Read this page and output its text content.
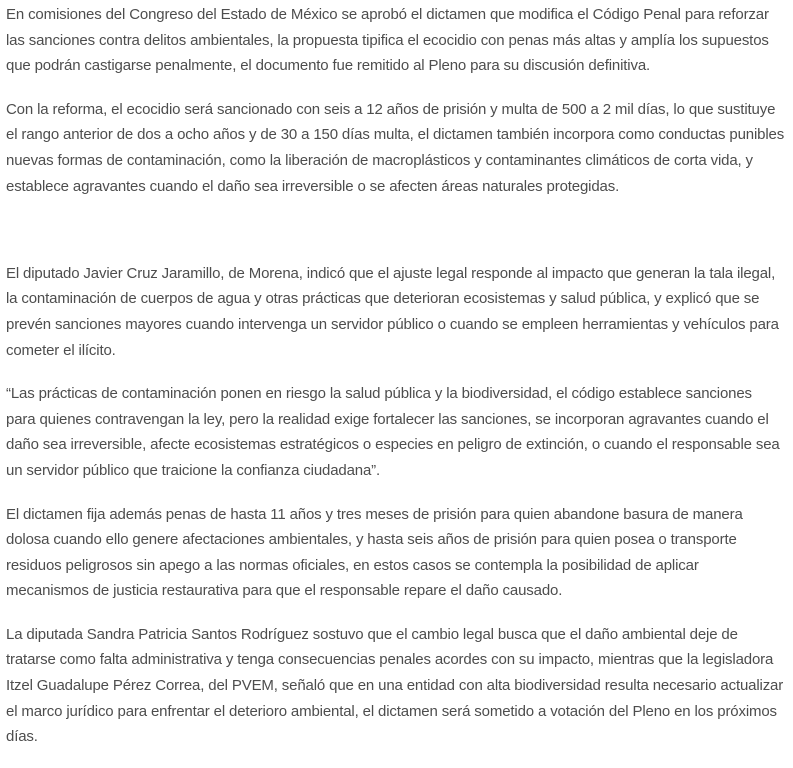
En comisiones del Congreso del Estado de México se aprobó el dictamen que modifica el Código Penal para reforzar las sanciones contra delitos ambientales, la propuesta tipifica el ecocidio con penas más altas y amplía los supuestos que podrán castigarse penalmente, el documento fue remitido al Pleno para su discusión definitiva.

Con la reforma, el ecocidio será sancionado con seis a 12 años de prisión y multa de 500 a 2 mil días, lo que sustituye el rango anterior de dos a ocho años y de 30 a 150 días multa, el dictamen también incorpora como conductas punibles nuevas formas de contaminación, como la liberación de macroplásticos y contaminantes climáticos de corta vida, y establece agravantes cuando el daño sea irreversible o se afecten áreas naturales protegidas.

El diputado Javier Cruz Jaramillo, de Morena, indicó que el ajuste legal responde al impacto que generan la tala ilegal, la contaminación de cuerpos de agua y otras prácticas que deterioran ecosistemas y salud pública, y explicó que se prevén sanciones mayores cuando intervenga un servidor público o cuando se empleen herramientas y vehículos para cometer el ilícito.

“Las prácticas de contaminación ponen en riesgo la salud pública y la biodiversidad, el código establece sanciones para quienes contravengan la ley, pero la realidad exige fortalecer las sanciones, se incorporan agravantes cuando el daño sea irreversible, afecte ecosistemas estratégicos o especies en peligro de extinción, o cuando el responsable sea un servidor público que traicione la confianza ciudadana”.

El dictamen fija además penas de hasta 11 años y tres meses de prisión para quien abandone basura de manera dolosa cuando ello genere afectaciones ambientales, y hasta seis años de prisión para quien posea o transporte residuos peligrosos sin apego a las normas oficiales, en estos casos se contempla la posibilidad de aplicar mecanismos de justicia restaurativa para que el responsable repare el daño causado.

La diputada Sandra Patricia Santos Rodríguez sostuvo que el cambio legal busca que el daño ambiental deje de tratarse como falta administrativa y tenga consecuencias penales acordes con su impacto, mientras que la legisladora Itzel Guadalupe Pérez Correa, del PVEM, señaló que en una entidad con alta biodiversidad resulta necesario actualizar el marco jurídico para enfrentar el deterioro ambiental, el dictamen será sometido a votación del Pleno en los próximos días.
